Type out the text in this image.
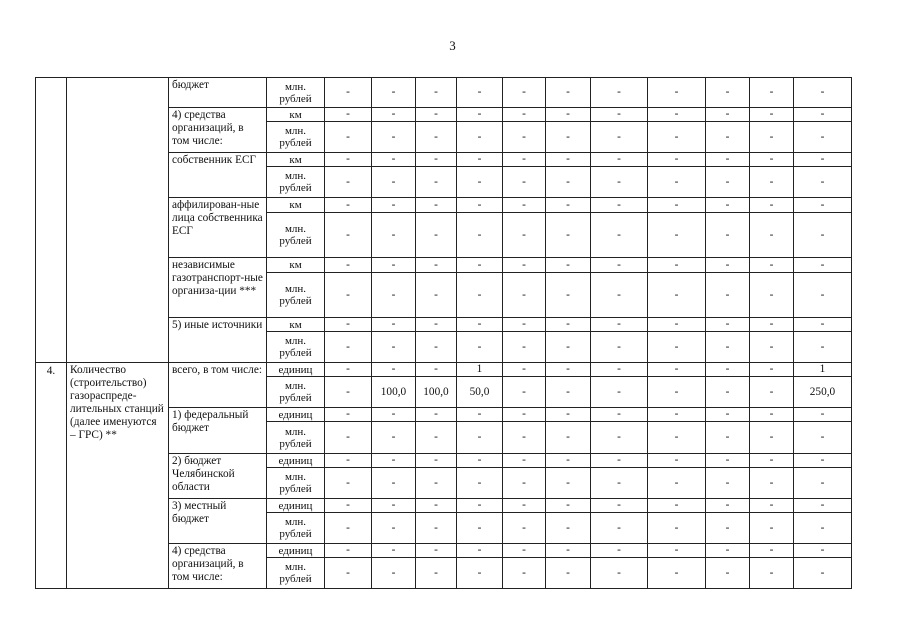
3
		бюджет	млн. рублей	-	-	-	-	-	-	-	-	-	-	-
		4) средства организаций, в том числе:	км	-	-	-	-	-	-	-	-	-	-	-
			млн. рублей	-	-	-	-	-	-	-	-	-	-	-
		собственник ЕСГ	км	-	-	-	-	-	-	-	-	-	-	-
			млн. рублей	-	-	-	-	-	-	-	-	-	-	-
		аффилирован-ные лица собственника ЕСГ	км	-	-	-	-	-	-	-	-	-	-	-
			млн. рублей	-	-	-	-	-	-	-	-	-	-	-
		независимые газотранспорт-ные организа-ции ***	км	-	-	-	-	-	-	-	-	-	-	-
			млн. рублей	-	-	-	-	-	-	-	-	-	-	-
		5) иные источники	км	-	-	-	-	-	-	-	-	-	-	-
			млн. рублей	-	-	-	-	-	-	-	-	-	-	-
4.	Количество (строительство) газораспреде-лительных станций (далее именуются – ГРС) **	всего, в том числе:	единиц	-	-	-	1	-	-	-	-	-	-	1
			млн. рублей	-	100,0	100,0	50,0	-	-	-	-	-	-	250,0
		1) федеральный бюджет	единиц	-	-	-	-	-	-	-	-	-	-	-
			млн. рублей	-	-	-	-	-	-	-	-	-	-	-
		2) бюджет Челябинской области	единиц	-	-	-	-	-	-	-	-	-	-	-
			млн. рублей	-	-	-	-	-	-	-	-	-	-	-
		3) местный бюджет	единиц	-	-	-	-	-	-	-	-	-	-	-
			млн. рублей	-	-	-	-	-	-	-	-	-	-	-
		4) средства организаций, в том числе:	единиц	-	-	-	-	-	-	-	-	-	-	-
			млн. рублей	-	-	-	-	-	-	-	-	-	-	-
